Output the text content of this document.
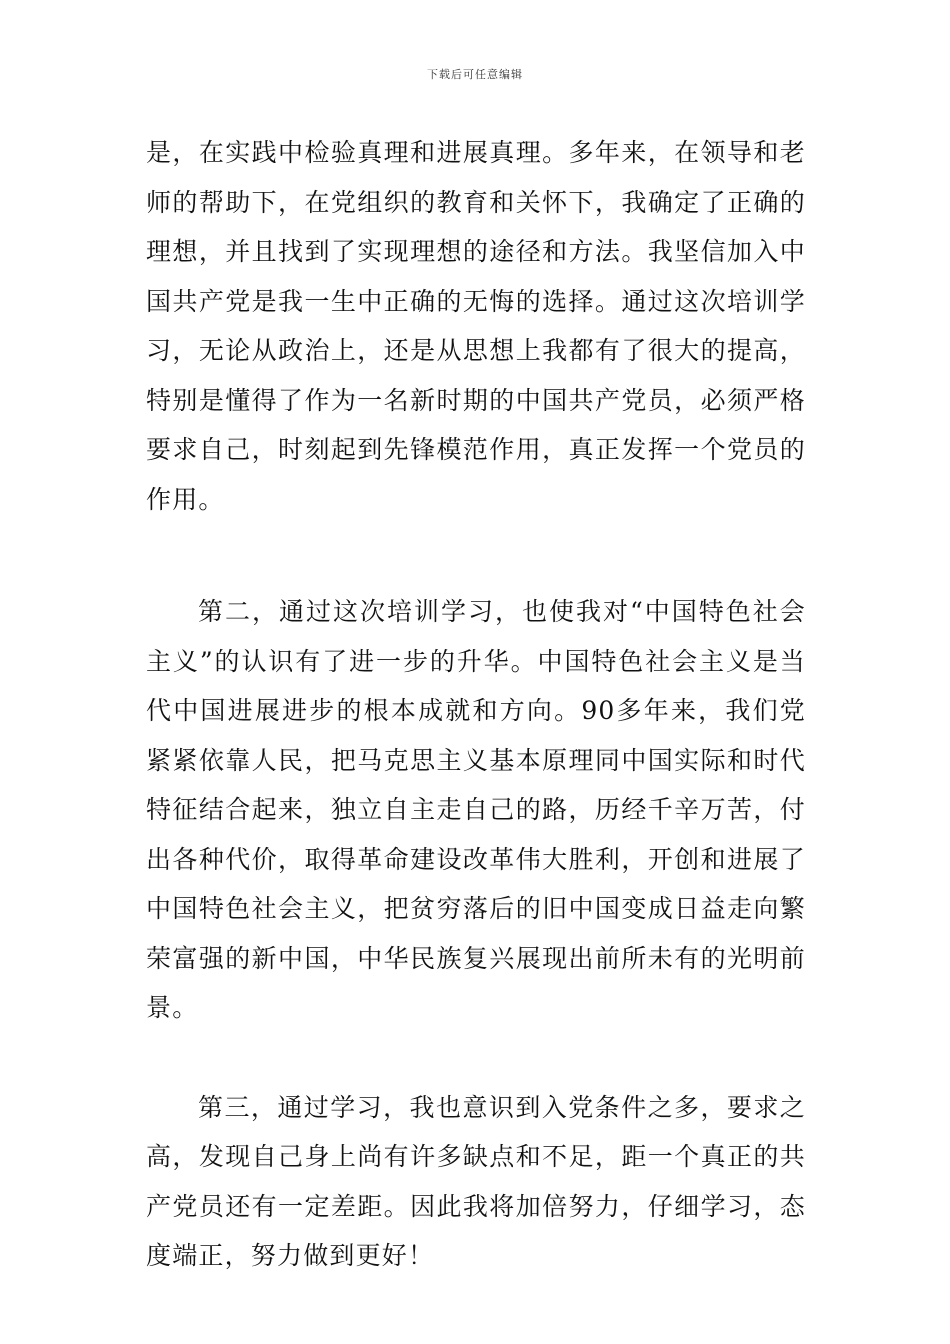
下载后可任意编辑

是，在实践中检验真理和进展真理。多年来，在领导和老师的帮助下，在党组织的教育和关怀下，我确定了正确的理想，并且找到了实现理想的途径和方法。我坚信加入中国共产党是我一生中正确的无悔的选择。通过这次培训学习，无论从政治上，还是从思想上我都有了很大的提高，特别是懂得了作为一名新时期的中国共产党员，必须严格要求自己，时刻起到先锋模范作用，真正发挥一个党员的作用。

第二，通过这次培训学习，也使我对“中国特色社会主义”的认识有了进一步的升华。中国特色社会主义是当代中国进展进步的根本成就和方向。90多年来，我们党紧紧依靠人民，把马克思主义基本原理同中国实际和时代特征结合起来，独立自主走自己的路，历经千辛万苦，付出各种代价，取得革命建设改革伟大胜利，开创和进展了中国特色社会主义，把贫穷落后的旧中国变成日益走向繁荣富强的新中国，中华民族复兴展现出前所未有的光明前景。

第三，通过学习，我也意识到入党条件之多，要求之高，发现自己身上尚有许多缺点和不足，距一个真正的共产党员还有一定差距。因此我将加倍努力，仔细学习，态度端正，努力做到更好！
